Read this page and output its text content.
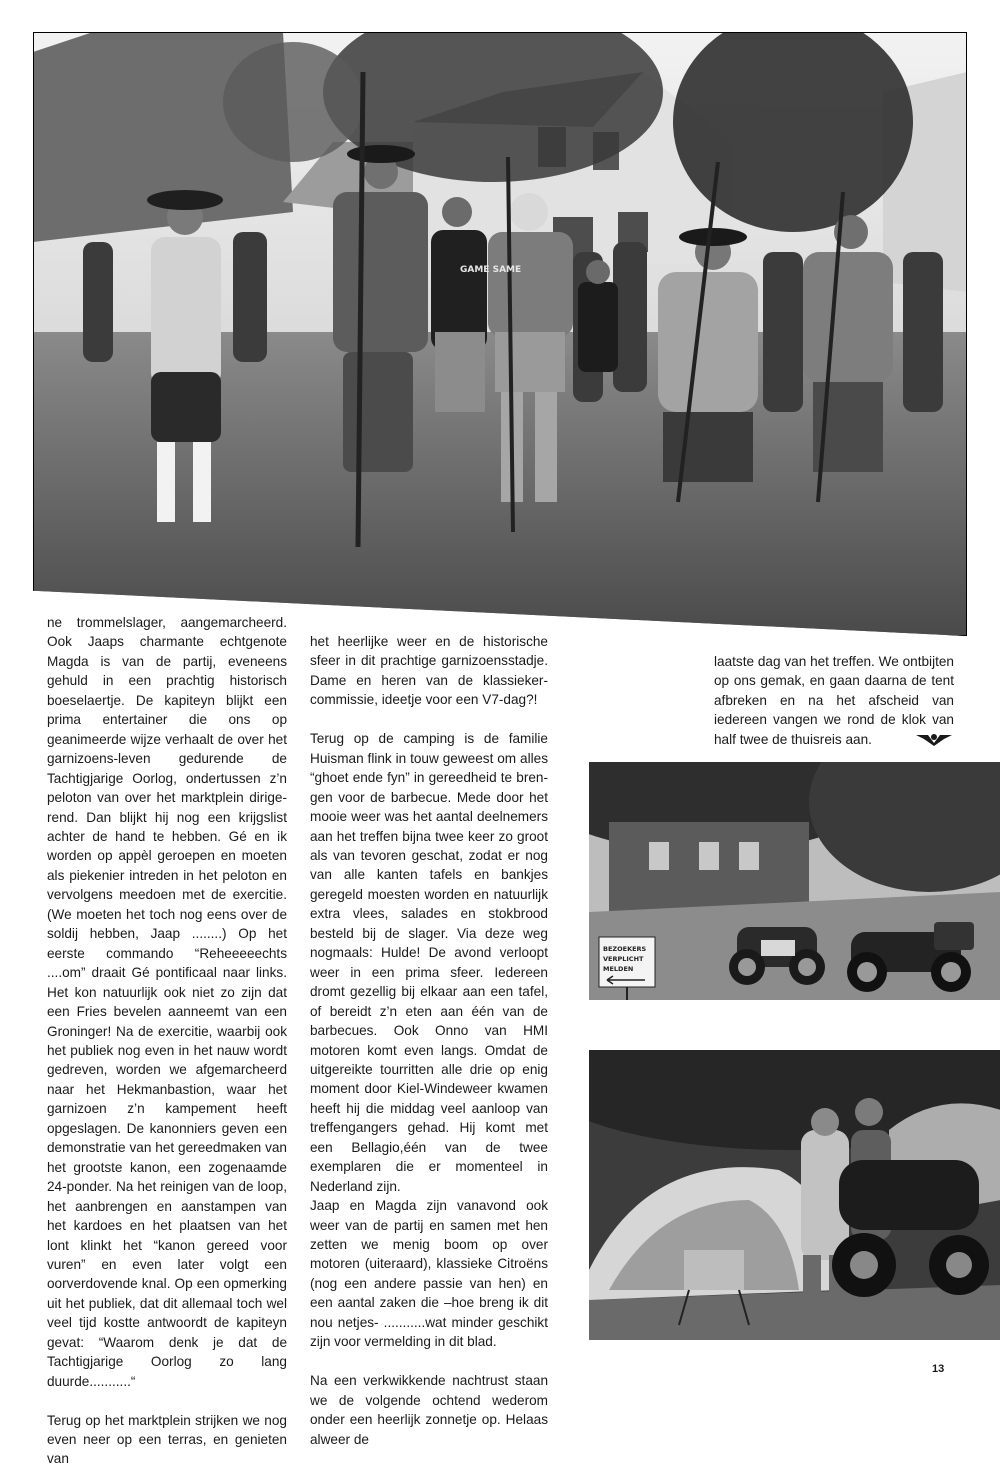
GAME SAME

ne trommelslager, aangemarcheerd. Ook Jaaps charmante echtgenote Magda is van de partij, eveneens gehuld in een prachtig historisch boeselaertje. De kapiteyn blijkt een prima entertainer die ons op geanimeerde wijze verhaalt de over het garnizoens-leven gedurende de Tachtigjarige Oorlog, ondertussen z’n peloton van over het marktplein dirigerend. Dan blijkt hij nog een krijgslist achter de hand te hebben. Gé en ik worden op appèl geroepen en moeten als piekenier intreden in het peloton en vervolgens meedoen met de exercitie. (We moeten het toch nog eens over de soldij hebben, Jaap ........) Op het eerste commando “Reheeeeechts ....om” draait Gé pontificaal naar links. Het kon natuurlijk ook niet zo zijn dat een Fries bevelen aanneemt van een Groninger! Na de exercitie, waarbij ook het publiek nog even in het nauw wordt gedreven, worden we afgemarcheerd naar het Hekmanbastion, waar het garnizoen z’n kampement heeft opgeslagen. De kanonniers geven een demonstratie van het gereedmaken van het grootste kanon, een zogenaamde 24-ponder. Na het reinigen van de loop, het aanbrengen en aanstampen van het kardoes en het plaatsen van het lont klinkt het “kanon gereed voor vuren” en even later volgt een oorverdovende knal. Op een opmerking uit het publiek, dat dit allemaal toch wel veel tijd kostte antwoordt de kapiteyn gevat: “Waarom denk je dat de Tachtigjarige Oorlog zo lang duurde...........“

Terug op het marktplein strijken we nog even neer op een terras, en genieten van

het heerlijke weer en de historische sfeer in dit prachtige garnizoensstadje. Dame en heren van de klassieker-commissie, ideetje voor een V7-dag?!

Terug op de camping is de familie Huisman flink in touw geweest om alles “ghoet ende fyn” in gereedheid te brengen voor de barbecue. Mede door het mooie weer was het aantal deelnemers aan het treffen bijna twee keer zo groot als van tevoren geschat, zodat er nog van alle kanten tafels en bankjes geregeld moesten worden en natuurlijk extra vlees, salades en stokbrood besteld bij de slager. Via deze weg nogmaals: Hulde! De avond verloopt weer in een prima sfeer. Iedereen dromt gezellig bij elkaar aan een tafel, of bereidt z’n eten aan één van de barbecues. Ook Onno van HMI motoren komt even langs. Omdat de uitgereikte tourritten alle drie op enig moment door Kiel-Windeweer kwamen heeft hij die middag veel aanloop van treffengangers gehad. Hij komt met een Bellagio,één van de twee exemplaren die er momenteel in Nederland zijn.

Jaap en Magda zijn vanavond ook weer van de partij en samen met hen zetten we menig boom op over motoren (uiteraard), klassieke Citroëns (nog een andere passie van hen) en een aantal zaken die –hoe breng ik dit nou netjes- ...........wat minder geschikt zijn voor vermelding in dit blad.

Na een verkwikkende nachtrust staan we de volgende ochtend wederom onder een heerlijk zonnetje op. Helaas alweer de

laatste dag van het treffen. We ontbijten op ons gemak, en gaan daarna de tent afbreken en na het afscheid van iedereen vangen we rond de klok van half twee de thuisreis aan.

BEZOEKERS
VERPLICHT
MELDEN
13
